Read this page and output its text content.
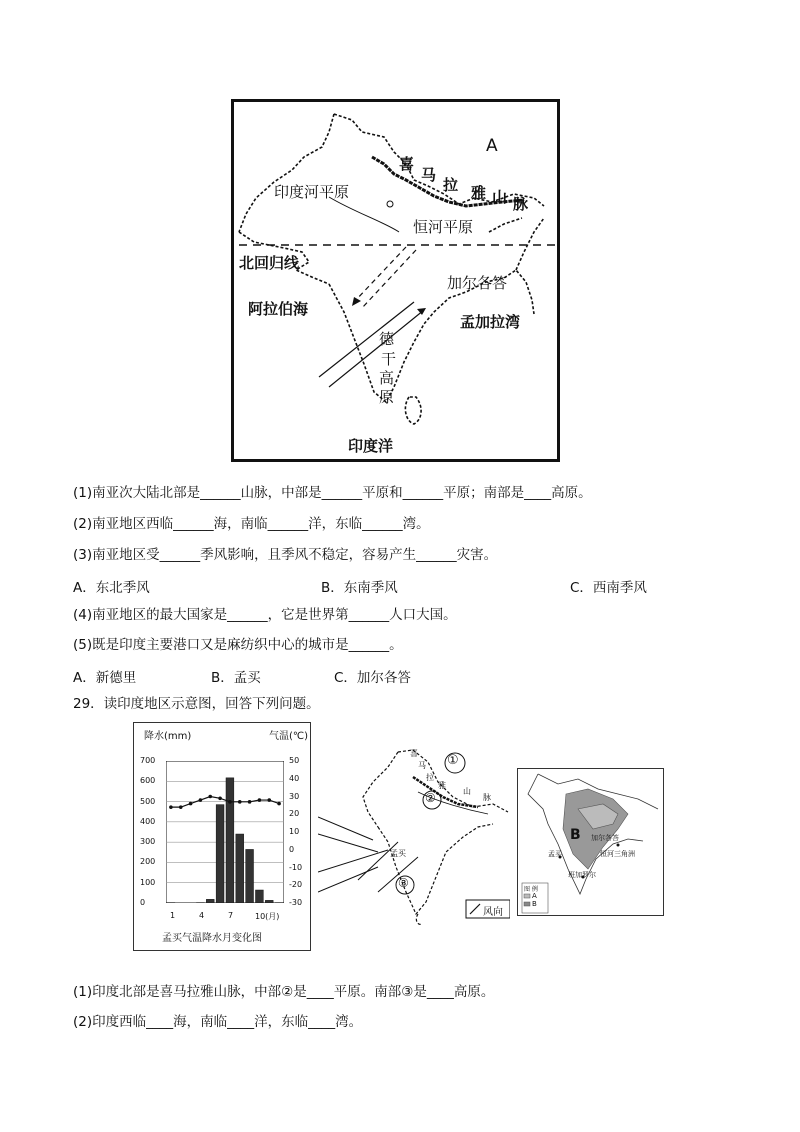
A
喜
马
拉 雅 山 脉
印度河平原
恒河平原
北回归线
阿拉伯海
加尔各答
孟加拉湾
德
干
高
原
印度洋
(1)南亚次大陆北部是______山脉，中部是______平原和______平原；南部是____高原。
(2)南亚地区西临______海，南临______洋，东临______湾。
(3)南亚地区受______季风影响，且季风不稳定，容易产生______灾害。
A．东北季风	B．东南季风	C．西南季风
(4)南亚地区的最大国家是______，它是世界第______人口大国。
(5)既是印度主要港口又是麻纺织中心的城市是______。
A．新德里	B．孟买	C．加尔各答
29．读印度地区示意图，回答下列问题。
降水(mm)	气温(℃)
700
600
500
400
300
200
100
0
50
40
30
20
10
0
-10
-20
-30
1	4	7	10(月)
孟买气温降水月变化图
①
②
③
喜
马
拉
雅
山
脉
孟买
风向
B 加尔各答
孟买	恒河三角洲
班加罗尔
图 例
A
B
(1)印度北部是喜马拉雅山脉，中部②是____平原。南部③是____高原。
(2)印度西临____海，南临____洋，东临____湾。
